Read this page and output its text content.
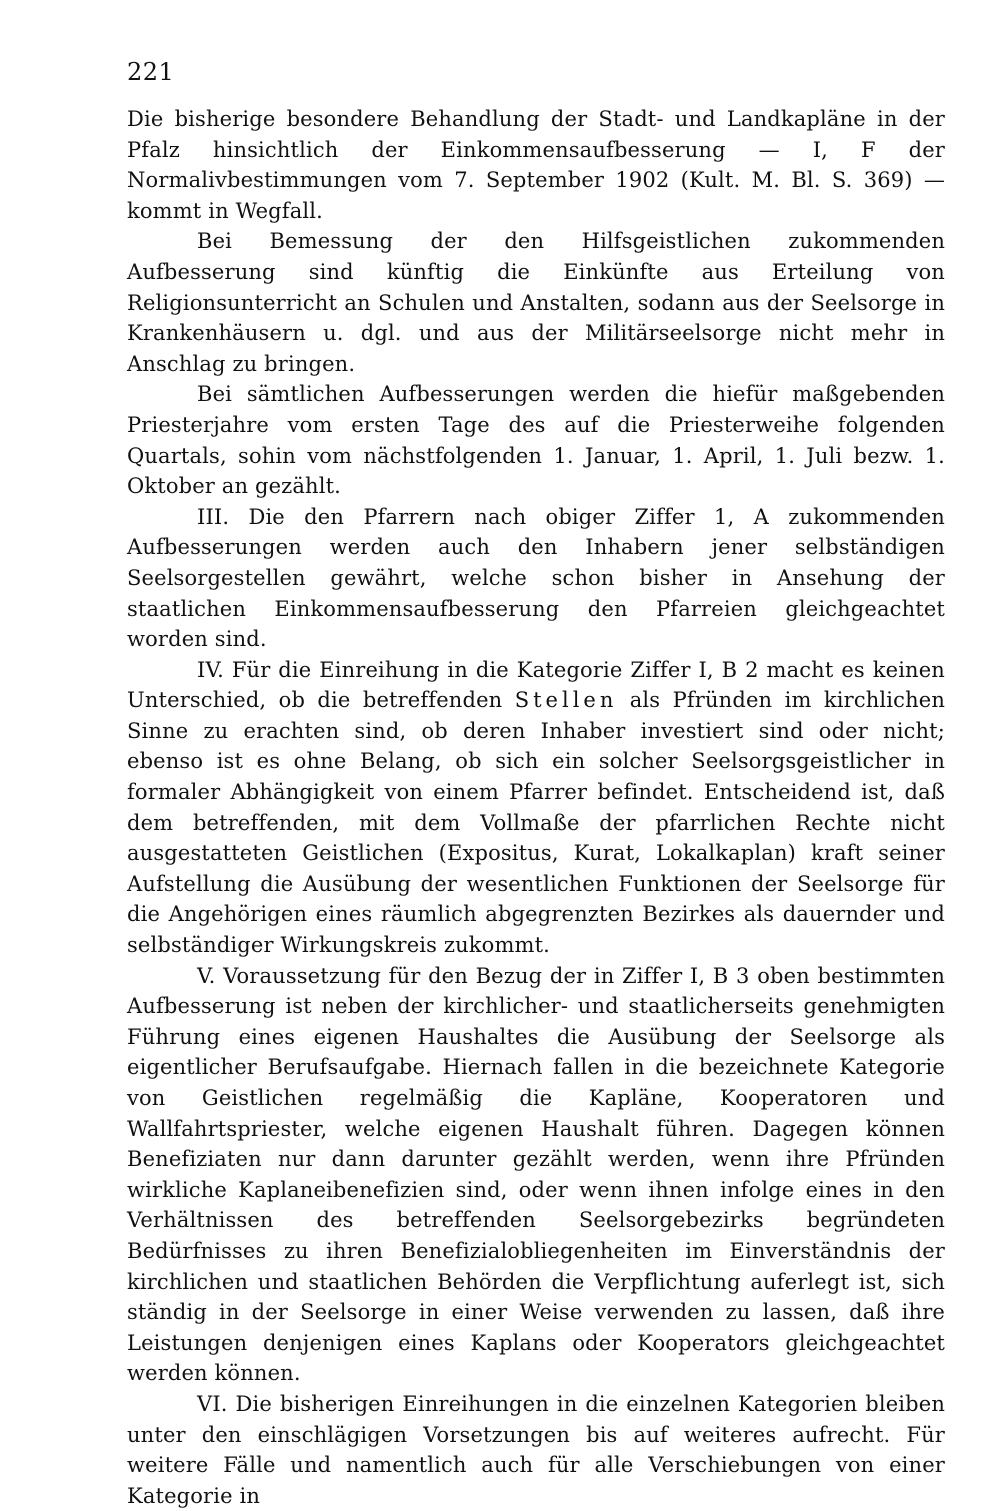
221

Die bisherige besondere Behandlung der Stadt- und Landkapläne in der Pfalz hinsichtlich der Einkommensaufbesserung — I, F der Normalivbestimmungen vom 7. September 1902 (Kult. M. Bl. S. 369) — kommt in Wegfall.

Bei Bemessung der den Hilfsgeistlichen zukommenden Aufbesserung sind künftig die Einkünfte aus Erteilung von Religionsunterricht an Schulen und Anstalten, sodann aus der Seelsorge in Krankenhäusern u. dgl. und aus der Militärseelsorge nicht mehr in Anschlag zu bringen.

Bei sämtlichen Aufbesserungen werden die hiefür maßgebenden Priesterjahre vom ersten Tage des auf die Priesterweihe folgenden Quartals, sohin vom nächstfolgenden 1. Januar, 1. April, 1. Juli bezw. 1. Oktober an gezählt.

III. Die den Pfarrern nach obiger Ziffer 1, A zukommenden Aufbesserungen werden auch den Inhabern jener selbständigen Seelsorgestellen gewährt, welche schon bisher in Ansehung der staatlichen Einkommensaufbesserung den Pfarreien gleichgeachtet worden sind.

IV. Für die Einreihung in die Kategorie Ziffer I, B 2 macht es keinen Unterschied, ob die betreffenden Stellen als Pfründen im kirchlichen Sinne zu erachten sind, ob deren Inhaber investiert sind oder nicht; ebenso ist es ohne Belang, ob sich ein solcher Seelsorgsgeistlicher in formaler Abhängigkeit von einem Pfarrer befindet. Entscheidend ist, daß dem betreffenden, mit dem Vollmaße der pfarrlichen Rechte nicht ausgestatteten Geistlichen (Expositus, Kurat, Lokalkaplan) kraft seiner Aufstellung die Ausübung der wesentlichen Funktionen der Seelsorge für die Angehörigen eines räumlich abgegrenzten Bezirkes als dauernder und selbständiger Wirkungskreis zukommt.

V. Voraussetzung für den Bezug der in Ziffer I, B 3 oben bestimmten Aufbesserung ist neben der kirchlicher- und staatlicherseits genehmigten Führung eines eigenen Haushaltes die Ausübung der Seelsorge als eigentlicher Berufsaufgabe. Hiernach fallen in die bezeichnete Kategorie von Geistlichen regelmäßig die Kapläne, Kooperatoren und Wallfahrtspriester, welche eigenen Haushalt führen. Dagegen können Benefiziaten nur dann darunter gezählt werden, wenn ihre Pfründen wirkliche Kaplaneibenefizien sind, oder wenn ihnen infolge eines in den Verhältnissen des betreffenden Seelsorgebezirks begründeten Bedürfnisses zu ihren Benefizialobliegenheiten im Einverständnis der kirchlichen und staatlichen Behörden die Verpflichtung auferlegt ist, sich ständig in der Seelsorge in einer Weise verwenden zu lassen, daß ihre Leistungen denjenigen eines Kaplans oder Kooperators gleichgeachtet werden können.

VI. Die bisherigen Einreihungen in die einzelnen Kategorien bleiben unter den einschlägigen Vorsetzungen bis auf weiteres aufrecht. Für weitere Fälle und namentlich auch für alle Verschiebungen von einer Kategorie in
